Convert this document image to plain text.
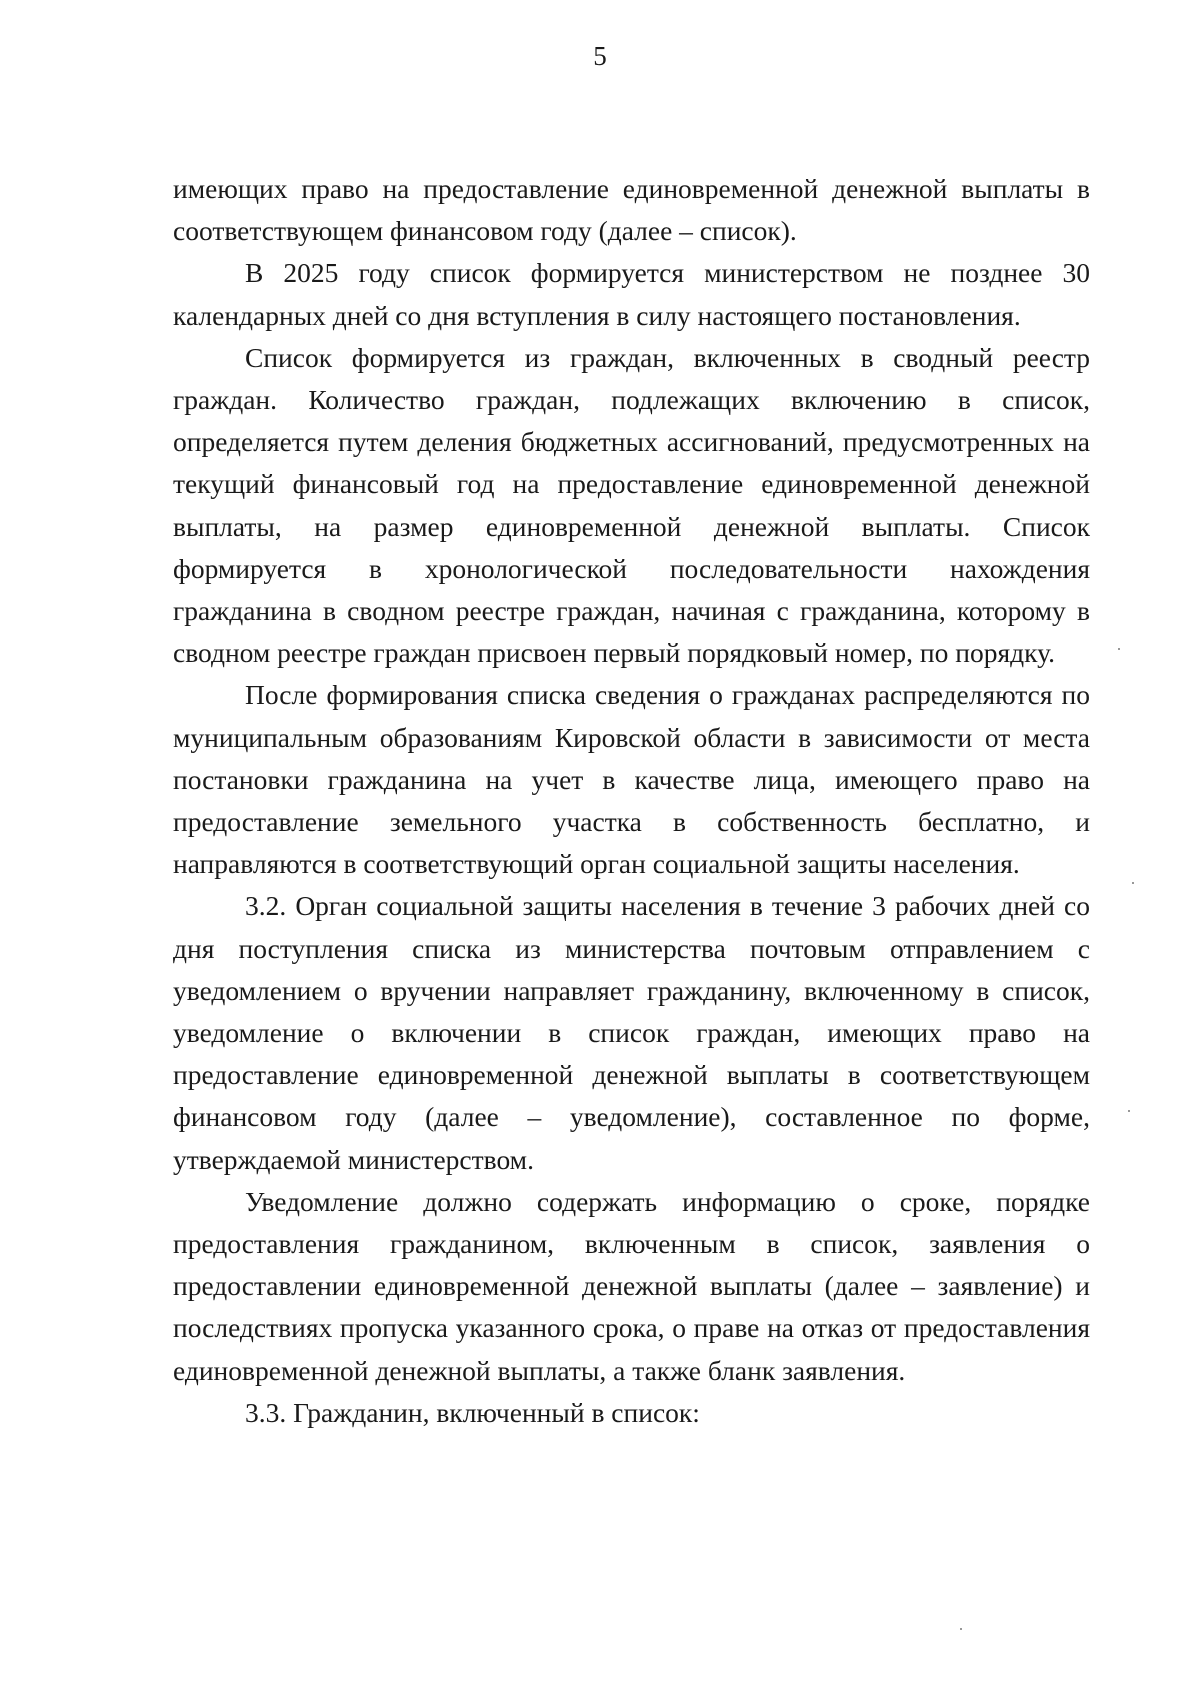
5

имеющих право на предоставление единовременной денежной выплаты в соответствующем финансовом году (далее – список).

В 2025 году список формируется министерством не позднее 30 календарных дней со дня вступления в силу настоящего постановления.

Список формируется из граждан, включенных в сводный реестр граждан. Количество граждан, подлежащих включению в список, определяется путем деления бюджетных ассигнований, предусмотренных на текущий финансовый год на предоставление единовременной денежной выплаты, на размер единовременной денежной выплаты. Список формируется в хронологической последовательности нахождения гражданина в сводном реестре граждан, начиная с гражданина, которому в сводном реестре граждан присвоен первый порядковый номер, по порядку.

После формирования списка сведения о гражданах распределяются по муниципальным образованиям Кировской области в зависимости от места постановки гражданина на учет в качестве лица, имеющего право на предоставление земельного участка в собственность бесплатно, и направляются в соответствующий орган социальной защиты населения.

3.2. Орган социальной защиты населения в течение 3 рабочих дней со дня поступления списка из министерства почтовым отправлением с уведомлением о вручении направляет гражданину, включенному в список, уведомление о включении в список граждан, имеющих право на предоставление единовременной денежной выплаты в соответствующем финансовом году (далее – уведомление), составленное по форме, утверждаемой министерством.

Уведомление должно содержать информацию о сроке, порядке предоставления гражданином, включенным в список, заявления о предоставлении единовременной денежной выплаты (далее – заявление) и последствиях пропуска указанного срока, о праве на отказ от предоставления единовременной денежной выплаты, а также бланк заявления.

3.3. Гражданин, включенный в список:
